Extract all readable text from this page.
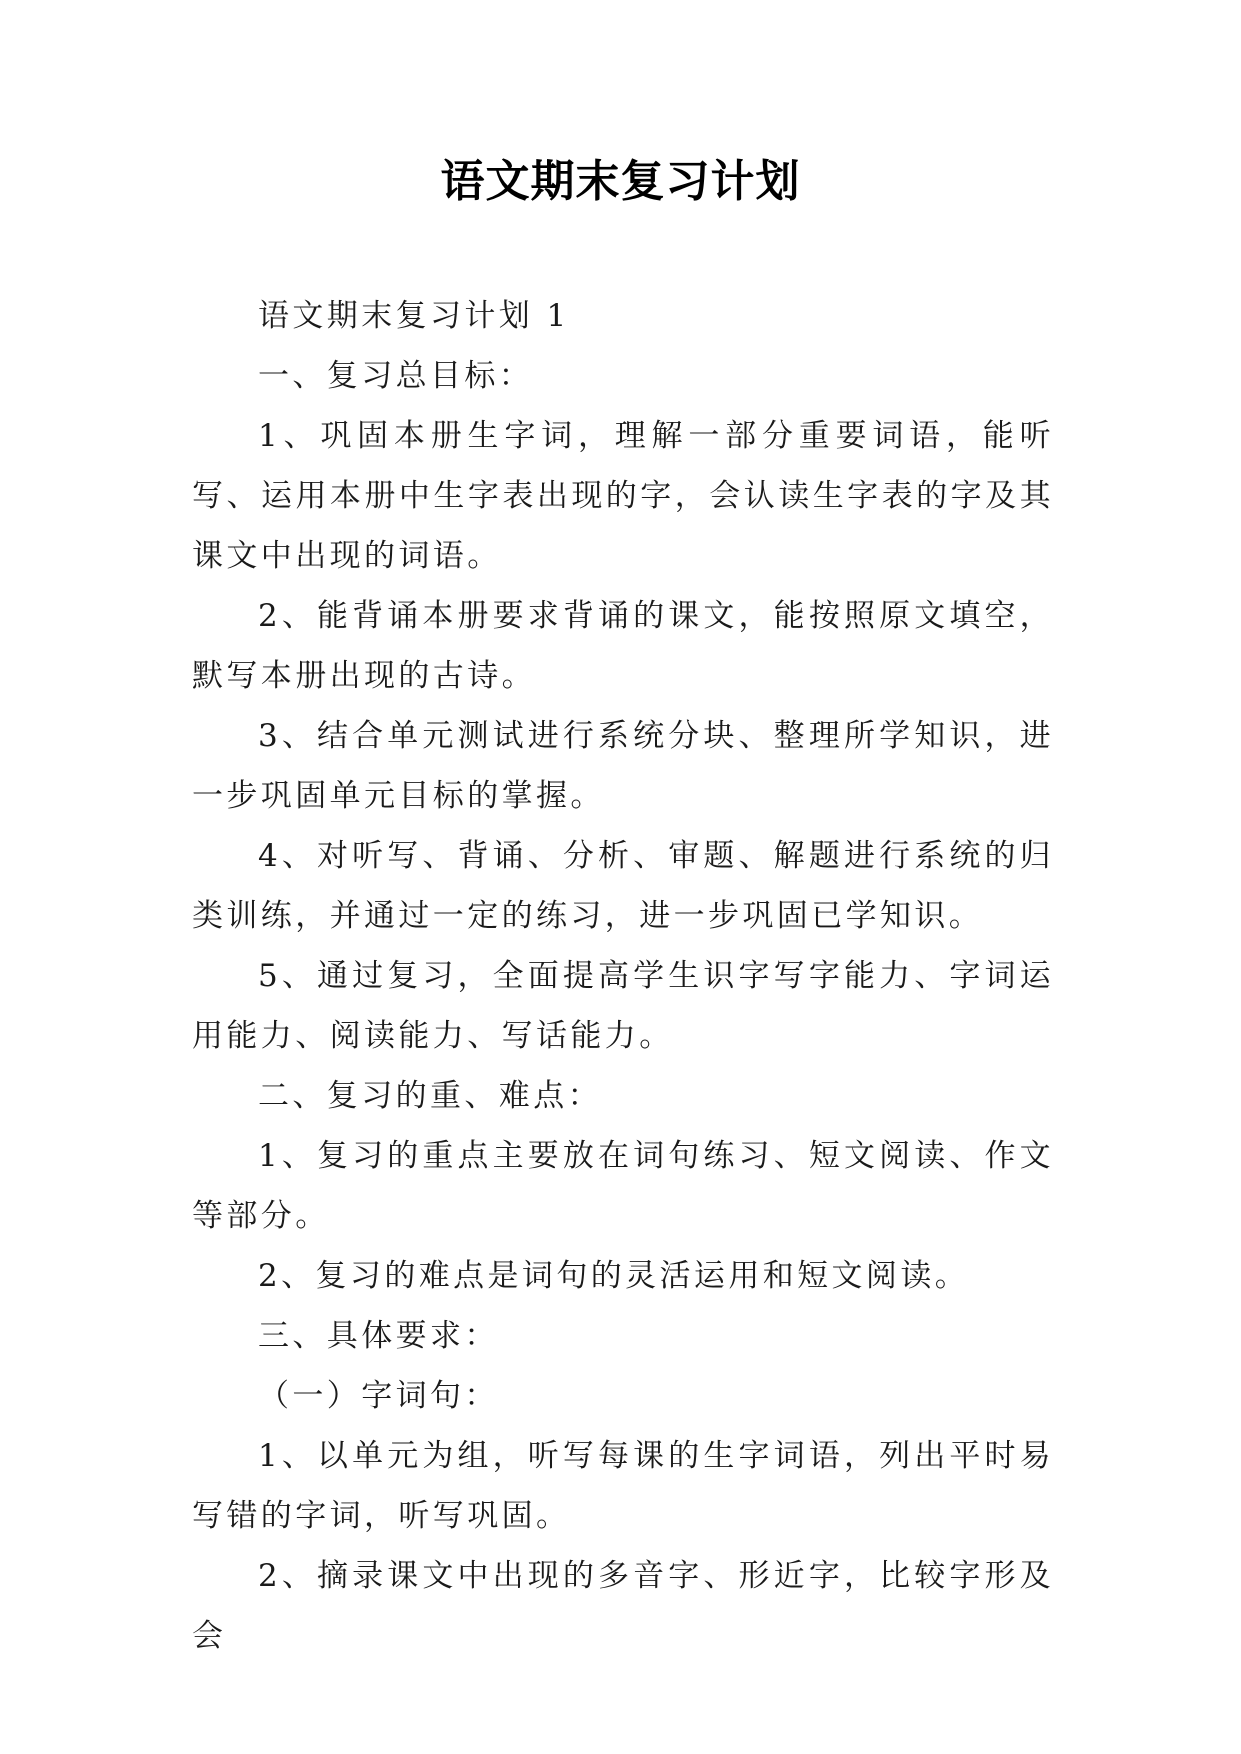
语文期末复习计划

语文期末复习计划 1

一、复习总目标：

1、巩固本册生字词，理解一部分重要词语，能听写、运用本册中生字表出现的字，会认读生字表的字及其课文中出现的词语。

2、能背诵本册要求背诵的课文，能按照原文填空，默写本册出现的古诗。

3、结合单元测试进行系统分块、整理所学知识，进一步巩固单元目标的掌握。

4、对听写、背诵、分析、审题、解题进行系统的归类训练，并通过一定的练习，进一步巩固已学知识。

5、通过复习，全面提高学生识字写字能力、字词运用能力、阅读能力、写话能力。

二、复习的重、难点：

1、复习的重点主要放在词句练习、短文阅读、作文等部分。

2、复习的难点是词句的灵活运用和短文阅读。

三、具体要求：

（一）字词句：

1、以单元为组，听写每课的生字词语，列出平时易写错的字词，听写巩固。

2、摘录课文中出现的多音字、形近字，比较字形及会
